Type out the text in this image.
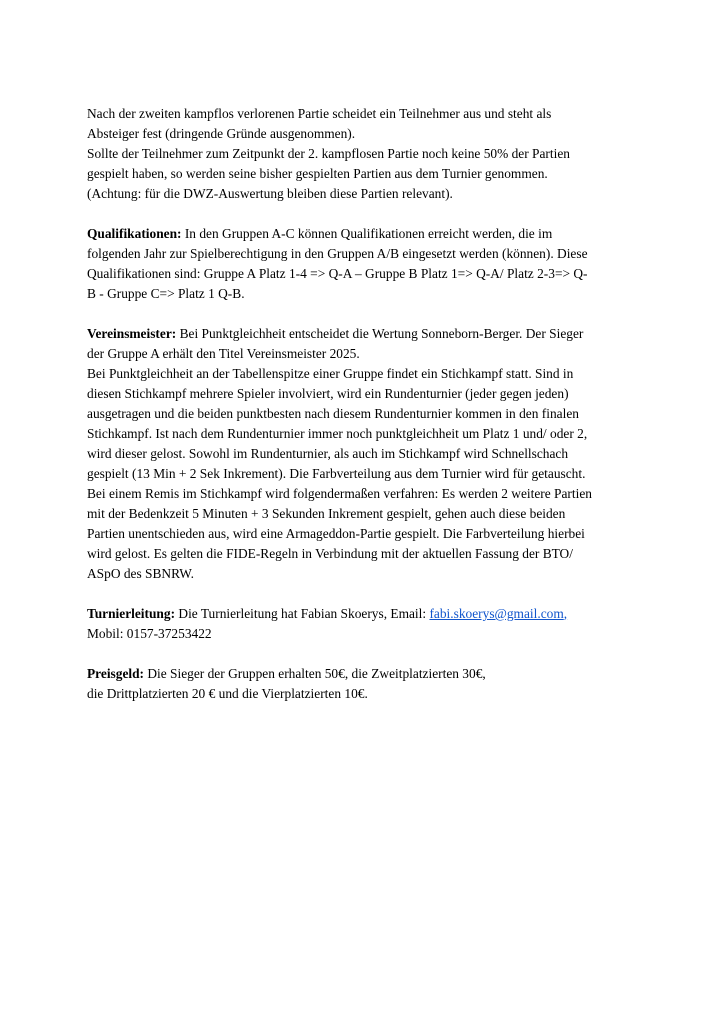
Nach der zweiten kampflos verlorenen Partie scheidet ein Teilnehmer aus und steht als
Absteiger fest (dringende Gründe ausgenommen).
Sollte der Teilnehmer zum Zeitpunkt der 2. kampflosen Partie noch keine 50% der Partien
gespielt haben, so werden seine bisher gespielten Partien aus dem Turnier genommen.
(Achtung: für die DWZ-Auswertung bleiben diese Partien relevant).
Qualifikationen: In den Gruppen A-C können Qualifikationen erreicht werden, die im
folgenden Jahr zur Spielberechtigung in den Gruppen A/B eingesetzt werden (können). Diese
Qualifikationen sind: Gruppe A Platz 1-4 => Q-A – Gruppe B Platz 1=> Q-A/ Platz 2-3=> Q-
B - Gruppe C=> Platz 1 Q-B.
Vereinsmeister: Bei Punktgleichheit entscheidet die Wertung Sonneborn-Berger. Der Sieger
der Gruppe A erhält den Titel Vereinsmeister 2025.
Bei Punktgleichheit an der Tabellenspitze einer Gruppe findet ein Stichkampf statt. Sind in
diesen Stichkampf mehrere Spieler involviert, wird ein Rundenturnier (jeder gegen jeden)
ausgetragen und die beiden punktbesten nach diesem Rundenturnier kommen in den finalen
Stichkampf. Ist nach dem Rundenturnier immer noch punktgleichheit um Platz 1 und/ oder 2,
wird dieser gelost. Sowohl im Rundenturnier, als auch im Stichkampf wird Schnellschach
gespielt (13 Min + 2 Sek Inkrement). Die Farbverteilung aus dem Turnier wird für getauscht.
Bei einem Remis im Stichkampf wird folgendermaßen verfahren: Es werden 2 weitere Partien
mit der Bedenkzeit 5 Minuten + 3 Sekunden Inkrement gespielt, gehen auch diese beiden
Partien unentschieden aus, wird eine Armageddon-Partie gespielt. Die Farbverteilung hierbei
wird gelost. Es gelten die FIDE-Regeln in Verbindung mit der aktuellen Fassung der BTO/
ASpO des SBNRW.
Turnierleitung: Die Turnierleitung hat Fabian Skoerys, Email: fabi.skoerys@gmail.com,
Mobil: 0157-37253422
Preisgeld: Die Sieger der Gruppen erhalten 50€, die Zweitplatzierten 30€,
die Drittplatzierten 20 € und die Vierplatzierten 10€.
